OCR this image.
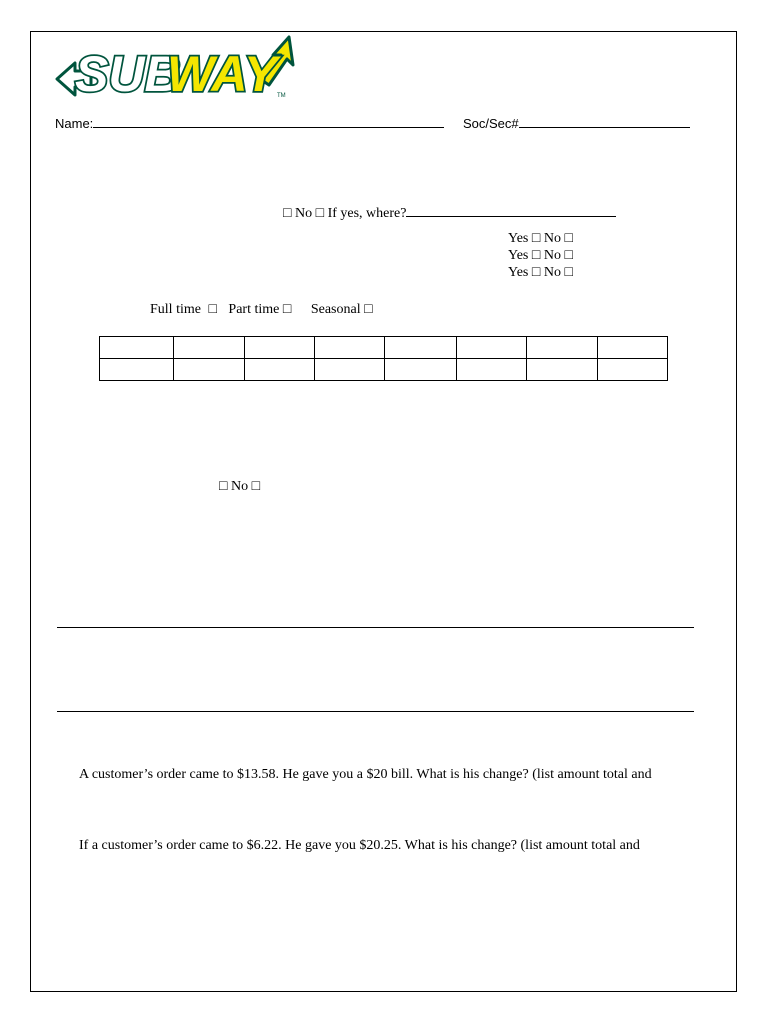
SUB
WAY TM
Name:	Soc/Sec#
□ No □ If yes, where?
Yes □ No □
Yes □ No □
Yes □ No □
Full time □ Part time □ Seasonal □

□ No □
A customer’s order came to $13.58. He gave you a $20 bill. What is his change? (list amount total and
If a customer’s order came to $6.22. He gave you $20.25. What is his change? (list amount total and
